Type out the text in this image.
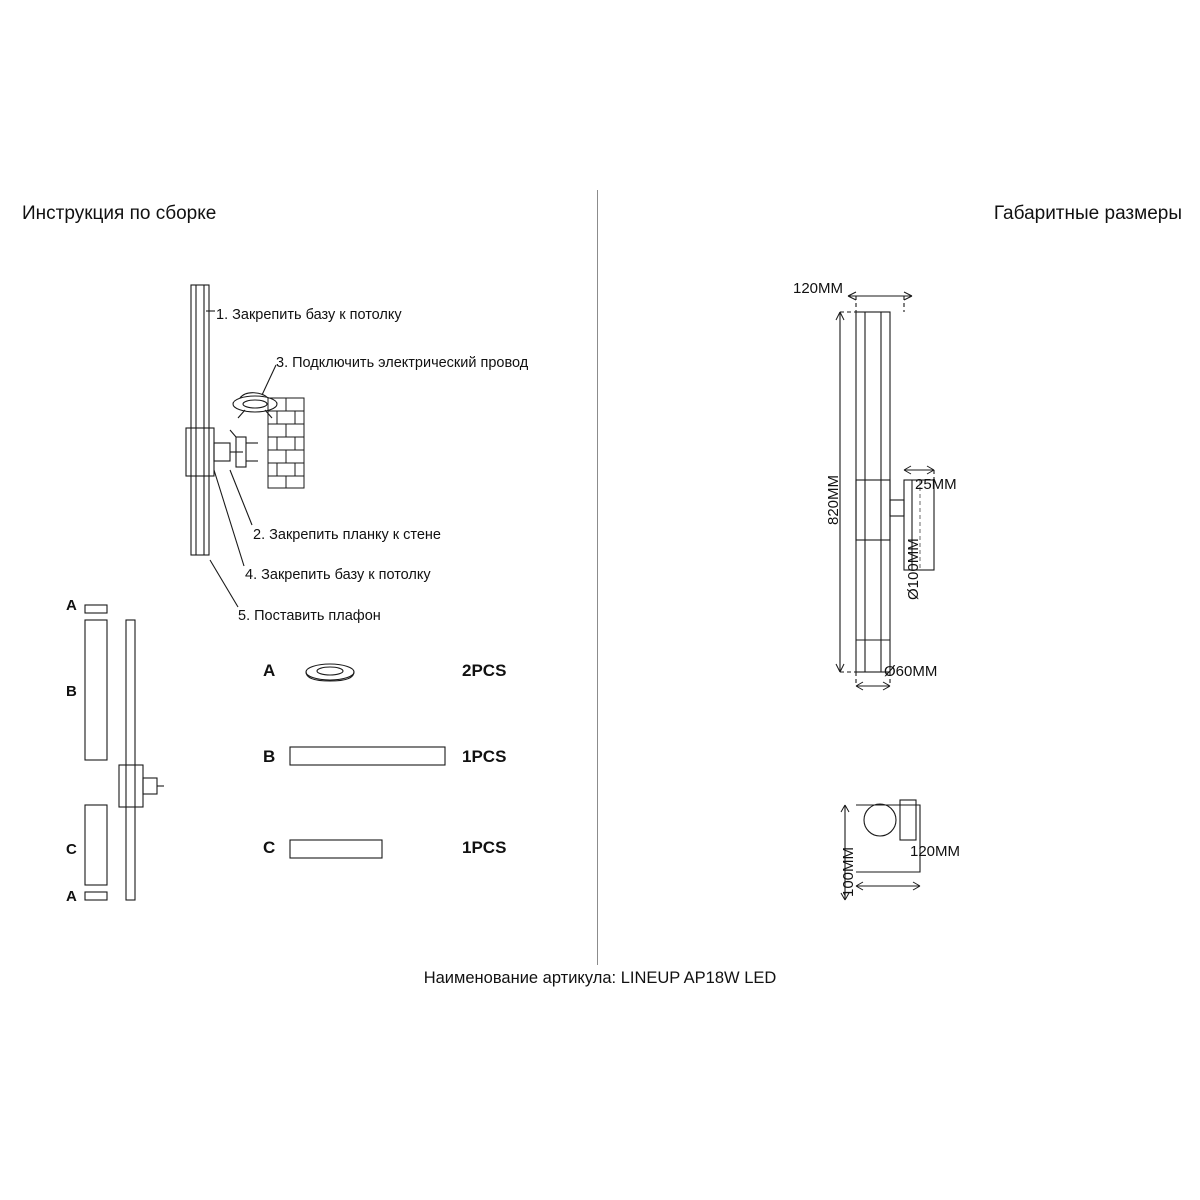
Инструкция по сборке	Габаритные размеры
1. Закрепить базу к потолку
3. Подключить электрический провод
2. Закрепить планку к стене
4. Закрепить базу к потолку
5. Поставить плафон
A
B
C
2PCS
1PCS
1PCS
A
B
C
A
120MM
25MM
Ø60MM
120MM
820MM
Ø100MM
100MM
Наименование артикула: LINEUP AP18W LED
